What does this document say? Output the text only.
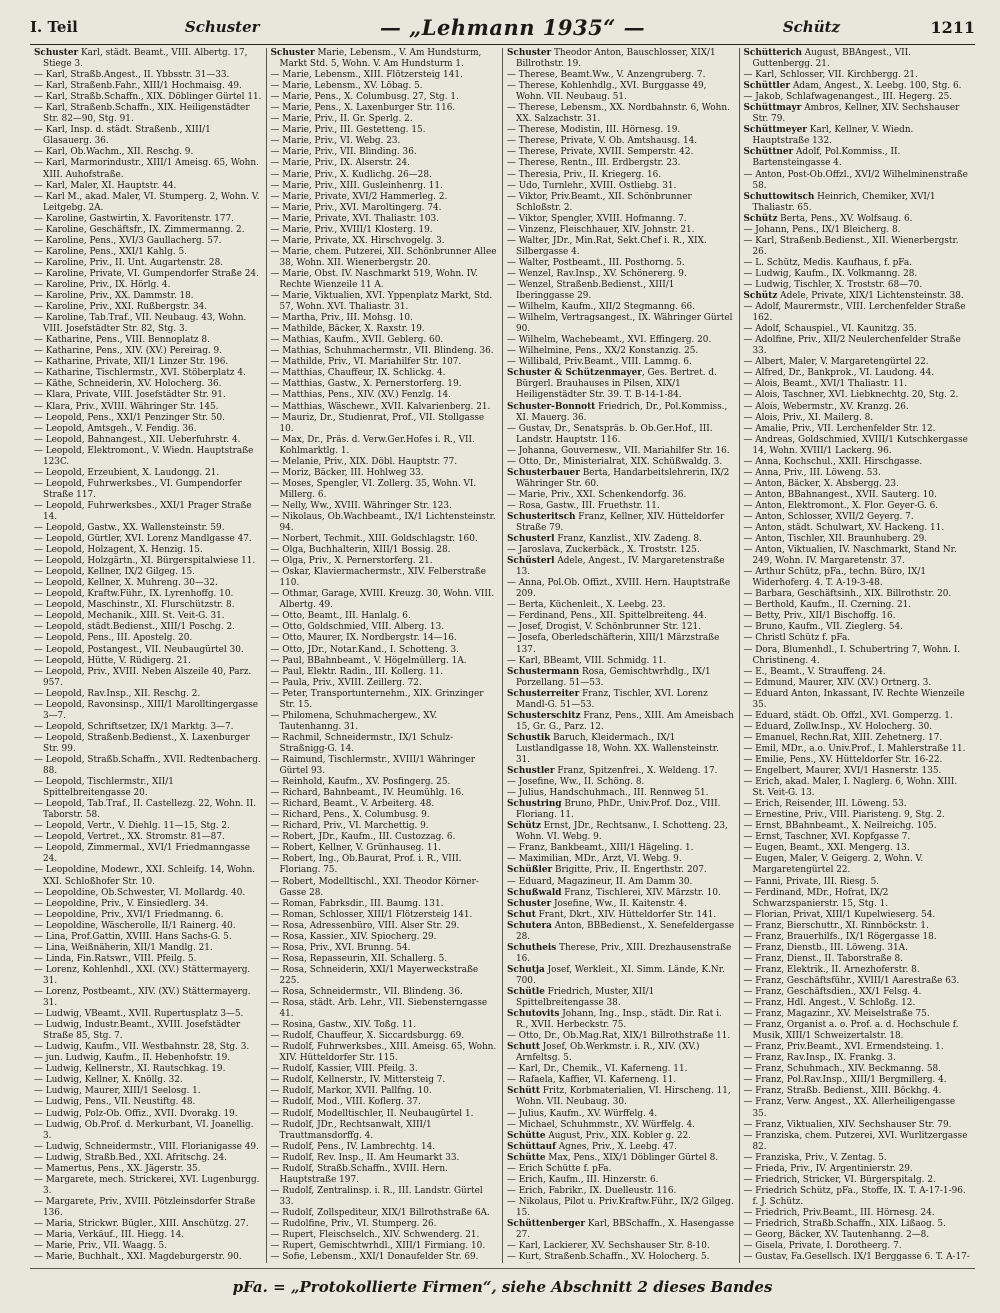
I. Teil	Schuster	— „Lehmann 1935“ —	Schütz	1211
Schuster Karl, städt. Beamt., VIII. Albertg. 17, Stiege 3.
— Karl, Straßb.Angest., II. Ybbsstr. 31—33.
— Karl, Straßenb.Fahr., XIII/1 Hochmaisg. 49.
— Karl, Straßb.Schaffn., XIX. Döblinger Gürtel 11.
— Karl, Straßenb.Schaffn., XIX. Heiligenstädter Str. 82—90, Stg. 91.
— Karl, Insp. d. städt. Straßenb., XIII/1 Glasauerg. 36.
— Karl, Ob.Wachm., XII. Reschg. 9.
— Karl, Marmorindustr., XIII/1 Ameisg. 65, Wohn. XIII. Auhofstraße.
— Karl, Maler, XI. Hauptstr. 44.
— Karl M., akad. Maler, VI. Stumperg. 2, Wohn. V. Leitgebg. 2A.
— Karoline, Gastwirtin, X. Favoritenstr. 177.
— Karoline, Geschäftsfr., IX. Zimmermanng. 2.
— Karoline, Pens., XVI/3 Gaullacherg. 57.
— Karoline, Pens., XXI/1 Kahlg. 5.
— Karoline, Priv., II. Unt. Augartenstr. 28.
— Karoline, Private, VI. Gumpendorfer Straße 24.
— Karoline, Priv., IX. Hörlg. 4.
— Karoline, Priv., XX. Dammstr. 18.
— Karoline, Priv., XXI. Rußbergstr. 34.
— Karoline, Tab.Traf., VII. Neubaug. 43, Wohn. VIII. Josefstädter Str. 82, Stg. 3.
— Katharine, Pens., VIII. Bennoplatz 8.
— Katharine, Pens., XIV. (XV.) Pereirag. 9.
— Katharine, Private, XII/1 Linzer Str. 196.
— Katharine, Tischlermstr., XVI. Stöberplatz 4.
— Käthe, Schneiderin, XV. Holocherg. 36.
— Klara, Private, VIII. Josefstädter Str. 91.
— Klara, Priv., XVIII. Währinger Str. 145.
— Leopold, Pens., XXI/1 Penzinger Str. 50.
— Leopold, Amtsgeh., V. Fendig. 36.
— Leopold, Bahnangest., XII. Ueberfuhrstr. 4.
— Leopold, Elektromont., V. Wiedn. Hauptstraße 123C.
— Leopold, Erzeubient, X. Laudongg. 21.
— Leopold, Fuhrwerksbes., VI. Gumpendorfer Straße 117.
— Leopold, Fuhrwerksbes., XXI/1 Prager Straße 14.
— Leopold, Gastw., XX. Wallensteinstr. 59.
— Leopold, Gürtler, XVI. Lorenz Mandlgasse 47.
— Leopold, Holzagent, X. Henzig. 15.
— Leopold, Holzgärtn., XI. Bürgerspitalwiese 11.
— Leopold, Kellner, IX/2 Gilgeg. 15.
— Leopold, Kellner, X. Muhreng. 30—32.
— Leopold, Kraftw.Führ., IX. Lyrenhoffg. 10.
— Leopold, Maschinstr., XI. Flurschützstr. 8.
— Leopold, Mechanik., XIII. St. Veit-G. 31.
— Leopold, städt.Bedienst., XIII/1 Poschg. 2.
— Leopold, Pens., III. Apostelg. 20.
— Leopold, Postangest., VII. Neubaugürtel 30.
— Leopold, Hütte, V. Rüdigerg. 21.
— Leopold, Priv., XVIII. Neben Alszeile 40, Parz. 957.
— Leopold, Rav.Insp., XII. Reschg. 2.
— Leopold, Ravonsinsp., XIII/1 Marolltingergasse 3—7.
— Leopold, Schriftsetzer, IX/1 Marktg. 3—7.
— Leopold, Straßenb.Bedienst., X. Laxenburger Str. 99.
— Leopold, Straßb.Schaffn., XVII. Redtenbacherg. 88.
— Leopold, Tischlermstr., XII/1 Spittelbreitengasse 20.
— Leopold, Tab.Traf., II. Castellezg. 22, Wohn. II. Taborstr. 58.
— Leopold, Vertr., V. Diehlg. 11—15, Stg. 2.
— Leopold, Vertret., XX. Stromstr. 81—87.
— Leopold, Zimmermal., XVI/1 Friedmanngasse 24.
— Leopoldine, Modewr., XXI. Schleifg. 14, Wohn. XXI. Schloßhofer Str. 10.
— Leopoldine, Ob.Schwester, VI. Mollardg. 40.
— Leopoldine, Priv., V. Einsiedlerg. 34.
— Leopoldine, Priv., XVI/1 Friedmanng. 6.
— Leopoldine, Wäscherolle, II/1 Rainerg. 40.
— Lina, Prof.Gattin, XVIII. Hans Sachs-G. 5.
— Lina, Weißnäherin, XII/1 Mandlg. 21.
— Linda, Fin.Ratswr., VIII. Pfeilg. 5.
— Lorenz, Kohlenhdl., XXI. (XV.) Stättermayerg. 31.
— Lorenz, Postbeamt., XIV. (XV.) Stättermayerg. 31.
— Ludwig, VBeamt., XVII. Rupertusplatz 3—5.
— Ludwig, Industr.Beamt., XVIII. Josefstädter Straße 85, Stg. 7.
— Ludwig, Kaufm., VII. Westbahnstr. 28, Stg. 3.
— jun. Ludwig, Kaufm., II. Hebenhofstr. 19.
— Ludwig, Kellnerstr., XI. Rautschkag. 19.
— Ludwig, Kellner, X. Knöllg. 32.
— Ludwig, Maurer, XIII/1 Seelosg. 1.
— Ludwig, Pens., VII. Neustiftg. 48.
— Ludwig, Polz-Ob. Offiz., XVII. Dvorakg. 19.
— Ludwig, Ob.Prof. d. Merkurbant, VI. Joanellig. 3.
— Ludwig, Schneidermstr., VIII. Florianigasse 49.
— Ludwig, Straßb.Bed., XXI. Afritschg. 24.
— Mamertus, Pens., XX. Jägerstr. 35.
— Margarete, mech. Strickerei, XVI. Lugenburgg. 3.
— Margarete, Priv., XVIII. Pötzleinsdorfer Straße 136.
— Maria, Strickwr. Bügler., XIII. Anschützg. 27.
— Maria, Verkäuf., III. Hiegg. 14.
— Marie, Priv., VII. Waagg. 5.
— Marie, Buchhalt., XXI. Magdeburgerstr. 90.
Schuster Marie, Lebensm., V. Am Hundsturm, Markt Std. 5, Wohn. V. Am Hundsturm 1.
— Marie, Lebensm., XIII. Flötzersteig 141.
— Marie, Lebensm., XV. Löbag. 5.
— Marie, Pens., X. Columbusg. 27, Stg. 1.
— Marie, Pens., X. Laxenburger Str. 116.
— Marie, Priv., II. Gr. Sperlg. 2.
— Marie, Priv., III. Gestetteng. 15.
— Marie, Priv., VI. Webg. 23.
— Marie, Priv., VII. Blinding. 36.
— Marie, Priv., IX. Alserstr. 24.
— Marie, Priv., X. Kudlichg. 26—28.
— Marie, Priv., XIII. Gusleinhenrg. 11.
— Marie, Private, XVI/2 Hammerleg. 2.
— Marie, Priv., XVI. Maroltingerg. 74.
— Marie, Private, XVI. Thaliastr. 103.
— Marie, Priv., XVIII/1 Klosterg. 19.
— Marie, Private, XX. Hirschvogelg. 3.
— Marie, chem. Putzerei, XII. Schönbrunner Allee 38, Wohn. XII. Wienerbergstr. 20.
— Marie, Obst. IV. Naschmarkt 519, Wohn. IV. Rechte Wienzeile 11 A.
— Marie, Viktualien, XVI. Yppenplatz Markt, Std. 57, Wohn. XVI. Thaliastr. 31.
— Martha, Priv., III. Mohsg. 10.
— Mathilde, Bäcker, X. Raxstr. 19.
— Mathias, Kaufm., XVII. Geblerg. 60.
— Mathias, Schuhmachermstr., VII. Blindeng. 36.
— Mathilde, Priv., VI. Mariahilfer Str. 107.
— Matthias, Chauffeur, IX. Schlickg. 4.
— Matthias, Gastw., X. Pernerstorferg. 19.
— Matthias, Pens., XIV. (XV.) Fenzlg. 14.
— Matthias, Wäschewr., XVII. Kalvarienberg. 21.
— Mauriz, Dr., Studienrat, Prof., VII. Stollgasse 10.
— Max, Dr., Präs. d. Verw.Ger.Hofes i. R., VII. Kohlmarktlg. 1.
— Melanie, Priv., XIX. Döbl. Hauptstr. 77.
— Moriz, Bäcker, III. Hohlweg 33.
— Moses, Spengler, VI. Zollerg. 35, Wohn. VI. Millerg. 6.
— Nelly, Ww., XVIII. Währinger Str. 123.
— Nikolaus, Ob.Wachbeamt., IX/1 Lichtensteinstr. 94.
— Norbert, Techmit., XIII. Goldschlagstr. 160.
— Olga, Buchhalterin, XIII/1 Bossig. 28.
— Olga, Priv., X. Pernerstorferg. 21.
— Oskar, Klaviermachermstr., XIV. Felberstraße 110.
— Othmar, Garage, XVIII. Kreuzg. 30, Wohn. VIII. Albertg. 49.
— Otto, Beamt., III. Hanlalg. 6.
— Otto, Goldschmied, VIII. Alberg. 13.
— Otto, Maurer, IX. Nordbergstr. 14—16.
— Otto, JDr., Notar.Kand., I. Schotteng. 3.
— Paul, BBahnbeamt., V. Högelmüllerg. 1A.
— Paul, Elektr. Radin., III. Kollerg. 11.
— Paula, Priv., XVIII. Zeillerg. 72.
— Peter, Transportunternehm., XIX. Grinzinger Str. 15.
— Philomena, Schuhmachergew., XV. Tautenhanng. 31.
— Rachmil, Schneidermstr., IX/1 Schulz-Straßnigg-G. 14.
— Raimund, Tischlermstr., XVIII/1 Währinger Gürtel 93.
— Reinhold, Kaufm., XV. Posfingerg. 25.
— Richard, Bahnbeamt., IV. Heumühlg. 16.
— Richard, Beamt., V. Arbeiterg. 48.
— Richard, Pens., X. Columbusg. 9.
— Richard, Priv., VI. Marchettig. 9.
— Robert, JDr., Kaufm., III. Custozzag. 6.
— Robert, Kellner, V. Grünhauseg. 11.
— Robert, Ing., Ob.Baurat, Prof. i. R., VIII. Floriang. 75.
— Robert, Modelltischl., XXI. Theodor Körner-Gasse 28.
— Roman, Fabrksdir., III. Baumg. 131.
— Roman, Schlosser, XIII/1 Flötzersteig 141.
— Rosa, Adressenbüro, VIII. Alser Str. 29.
— Rosa, Kassier., XIV. Spiocherg. 29.
— Rosa, Priv., XVI. Brunng. 54.
— Rosa, Repasseurin, XII. Schallerg. 5.
— Rosa, Schneiderin, XXI/1 Mayerweckstraße 225.
— Rosa, Schneidermstr., VII. Blindeng. 36.
— Rosa, städt. Arb. Lehr., VII. Siebensterngasse 41.
— Rosina, Gastw., XIV. Toßg. 11.
— Rudolf, Chauffeur, X. Siccardsburgg. 69.
— Rudolf, Fuhrwerksbes., XIII. Ameisg. 65, Wohn. XIV. Hütteldorfer Str. 115.
— Rudolf, Kassier, VIII. Pfeilg. 3.
— Rudolf, Kellnerstr., IV. Mittersteig 7.
— Rudolf, Markor, XVII. Pallfng. 10.
— Rudolf, Mod., VIII. Koflerg. 37.
— Rudolf, Modelltischler, II. Neubaugürtel 1.
— Rudolf, JDr., Rechtsanwalt, XIII/1 Trauttmansdorffg. 4.
— Rudolf, Pens., IV. Lambrechtg. 14.
— Rudolf, Rev. Insp., II. Am Heumarkt 33.
— Rudolf, Straßb.Schaffn., XVIII. Hern. Hauptstraße 197.
— Rudolf, Zentralinsp. i. R., III. Landstr. Gürtel 33.
— Rudolf, Zollspediteur, XIX/1 Billrothstraße 6A.
— Rudolfine, Priv., VI. Stumperg. 26.
— Rupert, Fleischselch., XIV. Schwenderg. 21.
— Rupert, Gemischtwrhdl., XIII/1 Firmiang. 10.
— Sofie, Lebensm., XXI/1 Donaufelder Str. 69.
Schuster Theodor Anton, Bauschlosser, XIX/1 Billrothstr. 19.
— Therese, Beamt.Ww., V. Anzengruberg. 7.
— Therese, Kohlenhdlg., XVI. Burggasse 49, Wohn. VII. Neubaug. 51.
— Therese, Lebensm., XX. Nordbahnstr. 6, Wohn. XX. Salzachstr. 31.
— Therese, Modistin, III. Hörnesg. 19.
— Therese, Private, V. Ob. Amtshausg. 14.
— Therese, Private, XVIII. Semperstr. 42.
— Therese, Rentn., III. Erdbergstr. 23.
— Theresia, Priv., II. Kriegerg. 16.
— Udo, Turnlehr., XVIII. Ostliebg. 31.
— Viktor, Priv.Beamt., XII. Schönbrunner Schloßstr. 2.
— Viktor, Spengler, XVIII. Hofmanng. 7.
— Vinzenz, Fleischhauer, XIV. Johnstr. 21.
— Walter, JDr., Min.Rat, Sekt.Chef i. R., XIX. Silbergasse 4.
— Walter, Postbeamt., III. Posthorng. 5.
— Wenzel, Rav.Insp., XV. Schönererg. 9.
— Wenzel, Straßenb.Bedienst., XIII/1 Iberinggasse 29.
— Wilhelm, Kaufm., XII/2 Stegmanng. 66.
— Wilhelm, Vertragsangest., IX. Währinger Gürtel 90.
— Wilhelm, Wachebeamt., XVI. Effingerg. 20.
— Wilhelmine, Pens., XX/2 Konstanzig. 25.
— Willibald, Priv.Beamt., VIII. Lammg. 6.
Schuster & Schützenmayer, Ges. Bertret. d. Bürgerl. Brauhauses in Pilsen, XIX/1 Heiligenstädter Str. 39. T. B-14-1-84.
Schuster-Bonnott Friedrich, Dr., Pol.Kommiss., XI. Mauerg. 36.
— Gustav, Dr., Senatspräs. b. Ob.Ger.Hof., III. Landstr. Hauptstr. 116.
— Johanna, Gouvernesw., VII. Mariahilfer Str. 16.
— Otto, Dr., Ministerialrat, XIX. Schüßwaldg. 3.
Schusterbauer Berta, Handarbeitslehrerin, IX/2 Währinger Str. 60.
— Marie, Priv., XXI. Schenkendorfg. 36.
— Rosa, Gastw., III. Fruethstr. 11.
Schusteritsch Franz, Kellner, XIV. Hütteldorfer Straße 79.
Schusterl Franz, Kanzlist., XIV. Zadeng. 8.
— Jaroslava, Zuckerbäck., X. Troststr. 125.
Schüsterl Adele, Angest., IV. Margaretenstraße 13.
— Anna, Pol.Ob. Offizt., XVIII. Hern. Hauptstraße 209.
— Berta, Küchenleit., X. Leebg. 23.
— Ferdinand, Pens., XII. Spittelbreiteng. 44.
— Josef, Drogist, V. Schönbrunner Str. 121.
— Josefa, Oberledschäfterin, XIII/1 Märzstraße 137.
— Karl, BBeamt, VIII. Schmidg. 11.
Schustermann Rosa, Gemischtwrhdlg., IX/1 Porzellang. 51—53.
Schusterreiter Franz, Tischler, XVI. Lorenz Mandl-G. 51—53.
Schusterschitz Franz, Pens., XIII. Am Ameisbach 15, Gr. G., Parz. 12.
Schustik Baruch, Kleidermach., IX/1 Lustlandlgasse 18, Wohn. XX. Wallensteinstr. 31.
Schustler Franz, Spitzenfrei., X. Weldeng. 17.
— Josefine, Ww., II. Schöng. 8.
— Julius, Handschuhmach., III. Rennweg 51.
Schustring Bruno, PhDr., Univ.Prof. Doz., VIII. Floriang. 11.
Schütz Ernst, JDr., Rechtsanw., I. Schotteng. 23, Wohn. VI. Webg. 9.
— Franz, Bankbeamt., XIII/1 Hägeling. 1.
— Maximilian, MDr., Arzt, VI. Webg. 9.
Schüßler Brigitte, Priv., II. Engerthstr. 207.
— Eduard, Magazineur, II. Am Damm 30.
Schußwald Franz, Tischlerei, XIV. Märzstr. 10.
Schuster Josefine, Ww., II. Kaitenstr. 4.
Schut Frant, Dkrt., XIV. Hütteldorfer Str. 141.
Schutera Anton, BBBedienst., X. Senefeldergasse 28.
Schutheis Therese, Priv., XIII. Drezhausenstraße 16.
Schutja Josef, Werkleit., XI. Simm. Lände, K.Nr. 700.
Schütle Friedrich, Muster, XII/1 Spittelbreitengasse 38.
Schutovits Johann, Ing., Insp., städt. Dir. Rat i. R., XVII. Herbeckstr. 75.
— Otto, Dr., Ob.Mag.Rat, XIX/1 Billrothstraße 11.
Schutt Josef, Ob.Werkmstr. i. R., XIV. (XV.) Arnfeltsg. 5.
— Karl, Dr., Chemik., VI. Kaferneng. 11.
— Rafaela, Kaffier, VI. Kaferneng. 11.
Schütt Fritz, Korbmaterialien, VI. Hirscheng. 11, Wohn. VII. Neubaug. 30.
— Julius, Kaufm., XV. Würffelg. 4.
— Michael, Schuhmmstr., XV. Würffelg. 4.
Schütte August, Priv., XIX. Kobler g. 22.
Schüttauf Agnes, Priv., X. Leebg. 47.
Schütte Max, Pens., XIX/1 Döblinger Gürtel 8.
— Erich Schütte f. pFa.
— Erich, Kaufm., III. Hinzerstr. 6.
— Erich, Fabrikr., IX. Duelleustr. 116.
— Nikolaus, Pilot u. Priv.Kraftw.Führ., IX/2 Gilgeg. 15.
Schüttenberger Karl, BBSchaffn., X. Hasengasse 27.
— Karl, Lackierer, XV. Sechshauser Str. 8-10.
— Kurt, Straßenb.Schaffn., XV. Holocherg. 5.
Schütterich August, BBAngest., VII. Guttenbergg. 21.
— Karl, Schlosser, VII. Kirchbergg. 21.
Schüttler Adam, Angest., X. Leebg. 100, Stg. 6.
— Jakob, Schlafwagenangest., III. Hegerg. 25.
Schüttmayr Ambros, Kellner, XIV. Sechshauser Str. 79.
Schüttmeyer Karl, Kellner, V. Wiedn. Hauptstraße 132.
Schüttner Adolf, Pol.Kommiss., II. Bartensteingasse 4.
— Anton, Post-Ob.Offzl., XVI/2 Wilhelminenstraße 58.
Schuttowitsch Heinrich, Chemiker, XVI/1 Thaliastr. 65.
Schütz Berta, Pens., XV. Wolfsaug. 6.
— Johann, Pens., IX/1 Bleicherg. 8.
— Karl, Straßenb.Bedienst., XII. Wienerbergstr. 26.
— L. Schütz, Medis. Kaufhaus, f. pFa.
— Ludwig, Kaufm., IX. Volkmanng. 28.
— Ludwig, Tischler, X. Troststr. 68—70.
Schütz Adele, Private, XIX/1 Lichtensteinstr. 38.
— Adolf, Maurermstr., VIII. Lerchenfelder Straße 162.
— Adolf, Schauspiel., VI. Kaunitzg. 35.
— Adolfine, Priv., XII/2 Neulerchenfelder Straße 33.
— Albert, Maler, V. Margaretengürtel 22.
— Alfred, Dr., Bankprok., VI. Laudong. 44.
— Alois, Beamt., XVI/1 Thaliastr. 11.
— Alois, Taschner, XVI. Liebknechtg. 20, Stg. 2.
— Alois, Webermstr., XV. Kranzg. 26.
— Alois, Priv., XI. Mailerg. 8.
— Amalie, Priv., VII. Lerchenfelder Str. 12.
— Andreas, Goldschmied, XVIII/1 Kutschkergasse 14, Wohn. XVIII/1 Lackerg. 96.
— Anna, Kochschul., XXII. Hirschgasse.
— Anna, Priv., III. Löweng. 53.
— Anton, Bäcker, X. Absbergg. 23.
— Anton, BBahnangest., XVII. Sauterg. 10.
— Anton, Elektromont., X. Flor. Geyer-G. 6.
— Anton, Schlosser, XVII/2 Geyerg. 7.
— Anton, städt. Schulwart, XV. Hackeng. 11.
— Anton, Tischler, XII. Braunhuberg. 29.
— Anton, Viktualien, IV. Naschmarkt, Stand Nr. 249, Wohn. IV. Margaretenstr. 37.
— Arthur Schütz, pFa., techn. Büro, IX/1 Widerhoferg. 4. T. A-19-3-48.
— Barbara, Geschäftsinh., XIX. Billrothstr. 20.
— Berthold, Kaufm., II. Czerning. 21.
— Betty, Priv., XII/1 Bischoffg. 16.
— Bruno, Kaufm., VII. Zieglerg. 54.
— Christl Schütz f. pFa.
— Dora, Blumenhdl., I. Schubertring 7, Wohn. I. Christineng. 4.
— E., Beamt., V. Strauffeng. 24.
— Edmund, Maurer, XIV. (XV.) Ortnerg. 3.
— Eduard Anton, Inkassant, IV. Rechte Wienzeile 35.
— Eduard, städt. Ob. Offzl., XVI. Gomperzg. 1.
— Eduard, Zollw.Insp., XV. Holocherg. 30.
— Emanuel, Rechn.Rat, XIII. Zehetnerg. 17.
— Emil, MDr., a.o. Univ.Prof., I. Mahlerstraße 11.
— Emilie, Pens., XV. Hütteldorfer Str. 16-22.
— Engelbert, Maurer, XVI/1 Hasnerstr. 135.
— Erich, akad. Maler, I. Naglerg. 6, Wohn. XIII. St. Veit-G. 13.
— Erich, Reisender, III. Löweng. 53.
— Ernestine, Priv., VIII. Piaristeng. 9, Stg. 2.
— Ernst, BBahnbeamt., X. Neilreichg. 105.
— Ernst, Taschner, XVI. Kopfgasse 7.
— Eugen, Beamt., XXI. Mengerg. 13.
— Eugen, Maler, V. Geigerg. 2, Wohn. V. Margaretengürtel 22.
— Fanni, Private, III. Riesg. 5.
— Ferdinand, MDr., Hofrat, IX/2 Schwarzspanierstr. 15, Stg. 1.
— Florian, Privat, XIII/1 Kupelwieserg. 54.
— Franz, Bierschuttr., XI. Rinnböckstr. 1.
— Franz, Brauerhilfs., IX/1 Rögergasse 18.
— Franz, Dienstb., III. Löweng. 31A.
— Franz, Dienst., II. Taborstraße 8.
— Franz, Elektrik., II. Arnezhoferstr. 8.
— Franz, Geschäftsführ., XVIII/1 Aarestraße 63.
— Franz, Geschäftsdien., XX/1 Felsg. 4.
— Franz, Hdl. Angest., V. Schloßg. 12.
— Franz, Magazinr., XV. Meiselstraße 75.
— Franz, Organist a. o. Prof. a. d. Hochschule f. Musik, XIII/1 Schweizertalstr. 18.
— Franz, Priv.Beamt., XVI. Ermendsteing. 1.
— Franz, Rav.Insp., IX. Frankg. 3.
— Franz, Schuhmach., XIV. Beckmanng. 58.
— Franz, Pol.Rav.Insp., XIII/1 Bergmillerg. 4.
— Franz, Straßb. Bedienst., XIII. Böckhg. 4.
— Franz, Verw. Angest., XX. Allerheiligengasse 35.
— Franz, Viktualien, XIV. Sechshauser Str. 79.
— Franziska, chem. Putzerei, XVI. Wurlitzergasse 82.
— Franziska, Priv., V. Zentag. 5.
— Frieda, Priv., IV. Argentinierstr. 29.
— Friedrich, Stricker, VI. Bürgerspitalg. 2.
— Friedrich Schütz, pFa., Stoffe, IX. T. A-17-1-96. f. J. Schütz.
— Friedrich, Priv.Beamt., III. Hörnesg. 24.
— Friedrich, Straßb.Schaffn., XIX. Lißaog. 5.
— Georg, Bäcker, XV. Tautenhanng. 2—8.
— Gisela, Private, I. Dorotheerg. 7.
— Gustav, Fa.Gesellsch. IX/1 Berggasse 6. T. A-17-
pFa. = „Protokollierte Firmen“, siehe Abschnitt 2 dieses Bandes
